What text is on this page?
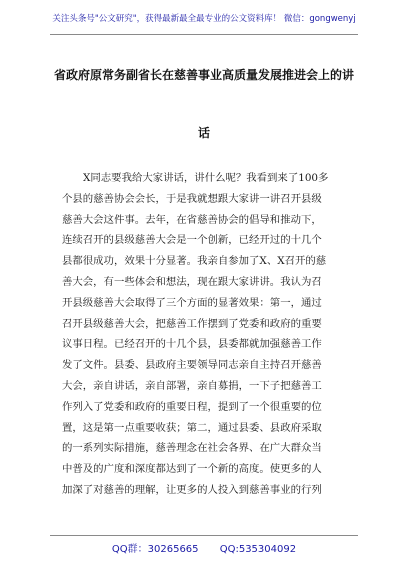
关注头条号"公文研究"，获得最新最全最专业的公文资料库！ 微信：gongwenyj
省政府原常务副省长在慈善事业高质量发展推进会上的讲
话
X同志要我给大家讲话，讲什么呢？我看到来了100多
个县的慈善协会会长，于是我就想跟大家讲一讲召开县级
慈善大会这件事。去年，在省慈善协会的倡导和推动下，
连续召开的县级慈善大会是一个创新，已经开过的十几个
县都很成功，效果十分显著。我亲自参加了X、X召开的慈
善大会，有一些体会和想法，现在跟大家讲讲。我认为召
开县级慈善大会取得了三个方面的显著效果：第一，通过
召开县级慈善大会，把慈善工作摆到了党委和政府的重要
议事日程。已经召开的十几个县，县委都就加强慈善工作
发了文件。县委、县政府主要领导同志亲自主持召开慈善
大会，亲自讲话，亲自部署，亲自募捐，一下子把慈善工
作列入了党委和政府的重要日程，提到了一个很重要的位
置，这是第一点重要收获；第二，通过县委、县政府采取
的一系列实际措施，慈善理念在社会各界、在广大群众当
中普及的广度和深度都达到了一个新的高度。使更多的人
加深了对慈善的理解，让更多的人投入到慈善事业的行列
QQ群：30265665 QQ:535304092
